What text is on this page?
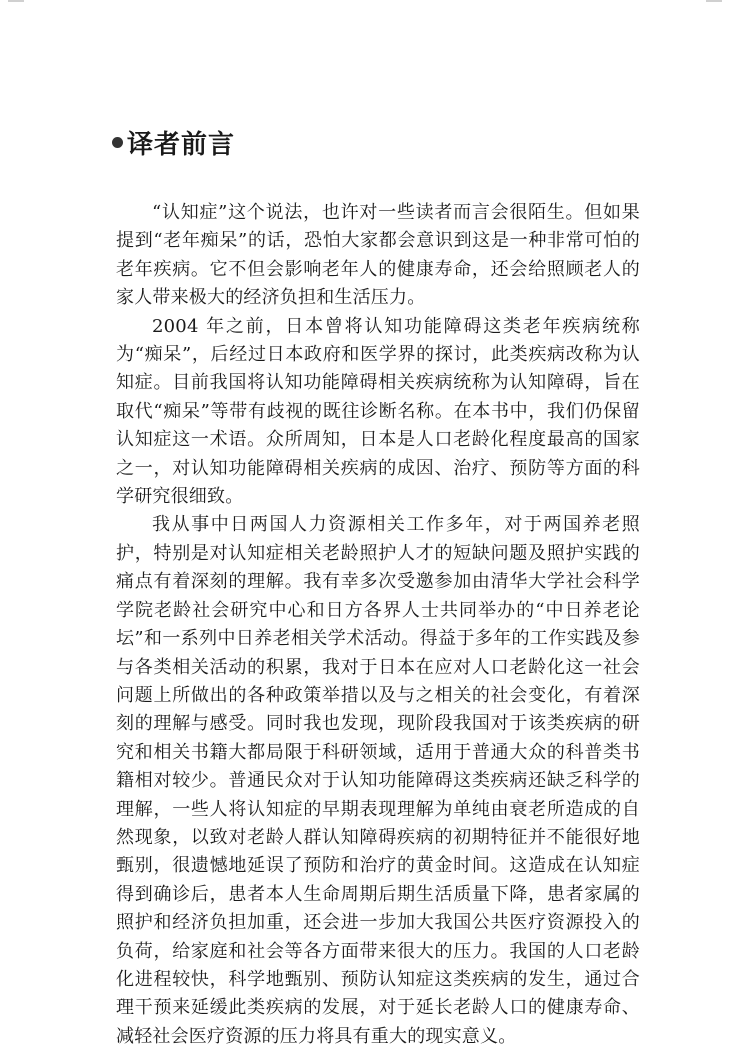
译者前言

“认知症”这个说法，也许对一些读者而言会很陌生。但如果提到“老年痴呆”的话，恐怕大家都会意识到这是一种非常可怕的老年疾病。它不但会影响老年人的健康寿命，还会给照顾老人的家人带来极大的经济负担和生活压力。

2004 年之前，日本曾将认知功能障碍这类老年疾病统称为“痴呆”，后经过日本政府和医学界的探讨，此类疾病改称为认知症。目前我国将认知功能障碍相关疾病统称为认知障碍，旨在取代“痴呆”等带有歧视的既往诊断名称。在本书中，我们仍保留认知症这一术语。众所周知，日本是人口老龄化程度最高的国家之一，对认知功能障碍相关疾病的成因、治疗、预防等方面的科学研究很细致。

我从事中日两国人力资源相关工作多年，对于两国养老照护，特别是对认知症相关老龄照护人才的短缺问题及照护实践的痛点有着深刻的理解。我有幸多次受邀参加由清华大学社会科学学院老龄社会研究中心和日方各界人士共同举办的“中日养老论坛”和一系列中日养老相关学术活动。得益于多年的工作实践及参与各类相关活动的积累，我对于日本在应对人口老龄化这一社会问题上所做出的各种政策举措以及与之相关的社会变化，有着深刻的理解与感受。同时我也发现，现阶段我国对于该类疾病的研究和相关书籍大都局限于科研领域，适用于普通大众的科普类书籍相对较少。普通民众对于认知功能障碍这类疾病还缺乏科学的理解，一些人将认知症的早期表现理解为单纯由衰老所造成的自然现象，以致对老龄人群认知障碍疾病的初期特征并不能很好地甄别，很遗憾地延误了预防和治疗的黄金时间。这造成在认知症得到确诊后，患者本人生命周期后期生活质量下降，患者家属的照护和经济负担加重，还会进一步加大我国公共医疗资源投入的负荷，给家庭和社会等各方面带来很大的压力。我国的人口老龄化进程较快，科学地甄别、预防认知症这类疾病的发生，通过合理干预来延缓此类疾病的发展，对于延长老龄人口的健康寿命、减轻社会医疗资源的压力将具有重大的现实意义。
